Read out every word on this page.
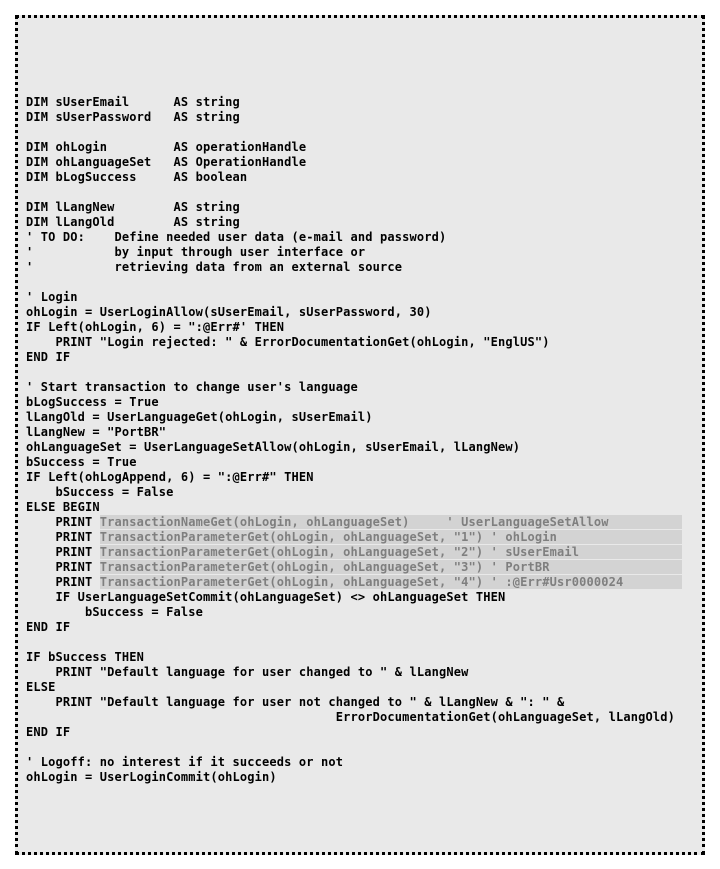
DIM sUserEmail      AS string
DIM sUserPassword   AS string

DIM ohLogin         AS operationHandle
DIM ohLanguageSet   AS OperationHandle
DIM bLogSuccess     AS boolean

DIM lLangNew        AS string
DIM lLangOld        AS string
' TO DO:    Define needed user data (e-mail and password)
'           by input through user interface or
'           retrieving data from an external source

' Login
ohLogin = UserLoginAllow(sUserEmail, sUserPassword, 30)
IF Left(ohLogin, 6) = ":@Err#' THEN
PRINT "Login rejected: " & ErrorDocumentationGet(ohLogin, "EnglUS")
END IF

' Start transaction to change user's language
bLogSuccess = True
lLangOld = UserLanguageGet(ohLogin, sUserEmail)
lLangNew = "PortBR"
ohLanguageSet = UserLanguageSetAllow(ohLogin, sUserEmail, lLangNew)
bSuccess = True
IF Left(ohLogAppend, 6) = ":@Err#" THEN
bSuccess = False
ELSE BEGIN
PRINT TransactionNameGet(ohLogin, ohLanguageSet)     ' UserLanguageSetAllow
PRINT TransactionParameterGet(ohLogin, ohLanguageSet, "1") ' ohLogin
PRINT TransactionParameterGet(ohLogin, ohLanguageSet, "2") ' sUserEmail
PRINT TransactionParameterGet(ohLogin, ohLanguageSet, "3") ' PortBR
PRINT TransactionParameterGet(ohLogin, ohLanguageSet, "4") ' :@Err#Usr0000024
IF UserLanguageSetCommit(ohLanguageSet) <> ohLanguageSet THEN
bSuccess = False
END IF

IF bSuccess THEN
PRINT "Default language for user changed to " & lLangNew
ELSE
PRINT "Default language for user not changed to " & lLangNew & ": " &
ErrorDocumentationGet(ohLanguageSet, lLangOld)
END IF

' Logoff: no interest if it succeeds or not
ohLogin = UserLoginCommit(ohLogin)
